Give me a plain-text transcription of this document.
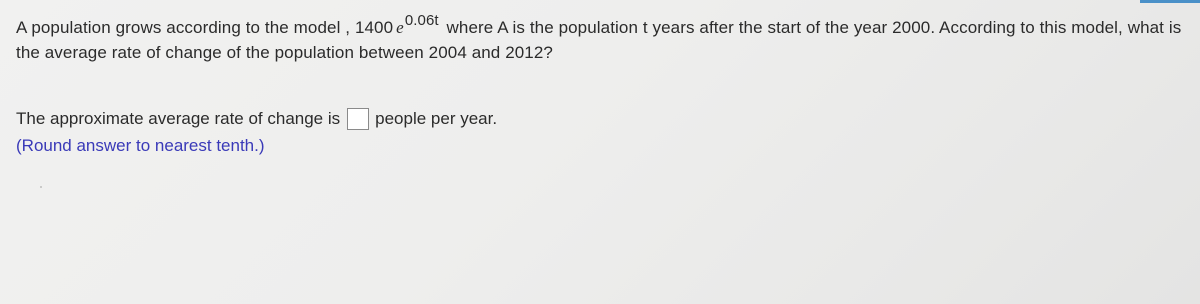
A population grows according to the model , 1400 e0.06t where A is the population t years after the start of the year 2000. According to this model, what is the average rate of change of the population between 2004 and 2012?
The approximate average rate of change is people per year.
(Round answer to nearest tenth.)
